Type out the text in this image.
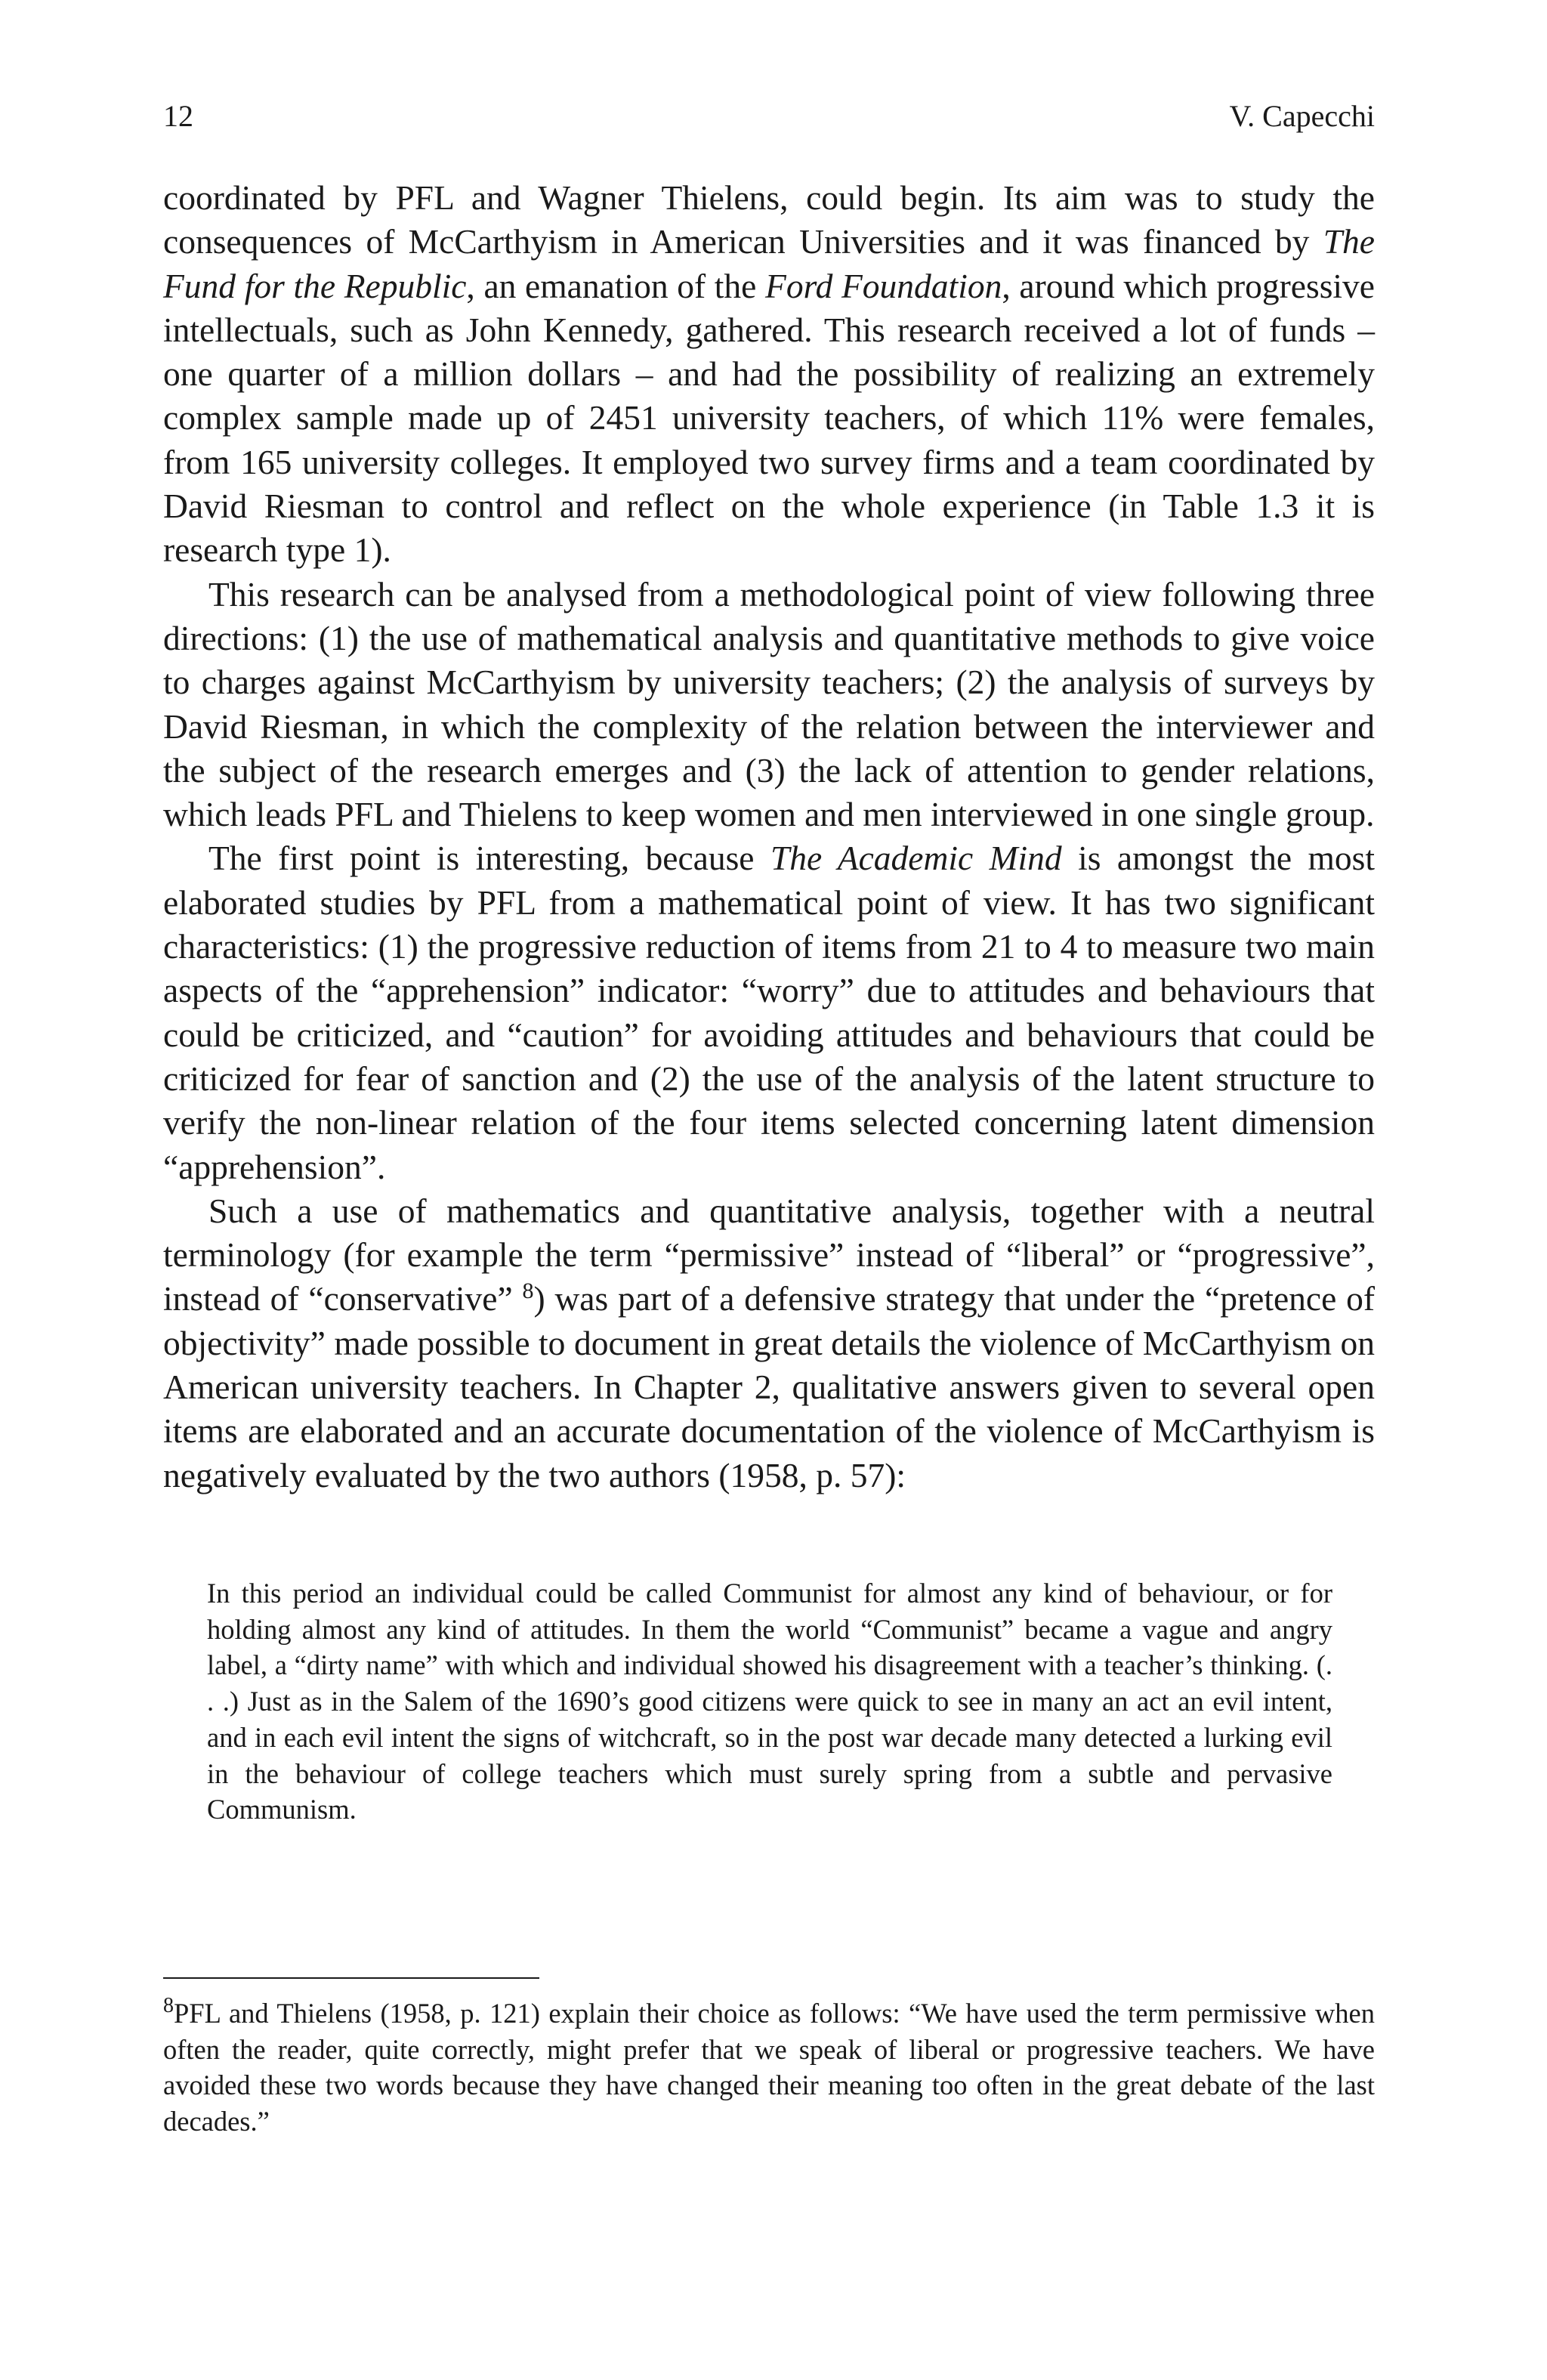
12	V. Capecchi

coordinated by PFL and Wagner Thielens, could begin. Its aim was to study the consequences of McCarthyism in American Universities and it was financed by The Fund for the Republic, an emanation of the Ford Foundation, around which progressive intellectuals, such as John Kennedy, gathered. This research received a lot of funds – one quarter of a million dollars – and had the possibility of realizing an extremely complex sample made up of 2451 university teachers, of which 11% were females, from 165 university colleges. It employed two survey firms and a team coordinated by David Riesman to control and reflect on the whole experience (in Table 1.3 it is research type 1).

This research can be analysed from a methodological point of view following three directions: (1) the use of mathematical analysis and quantitative methods to give voice to charges against McCarthyism by university teachers; (2) the analysis of surveys by David Riesman, in which the complexity of the relation between the interviewer and the subject of the research emerges and (3) the lack of attention to gender relations, which leads PFL and Thielens to keep women and men interviewed in one single group.

The first point is interesting, because The Academic Mind is amongst the most elaborated studies by PFL from a mathematical point of view. It has two significant characteristics: (1) the progressive reduction of items from 21 to 4 to measure two main aspects of the “apprehension” indicator: “worry” due to attitudes and behaviours that could be criticized, and “caution” for avoiding attitudes and behaviours that could be criticized for fear of sanction and (2) the use of the analysis of the latent structure to verify the non-linear relation of the four items selected concerning latent dimension “apprehension”.

Such a use of mathematics and quantitative analysis, together with a neutral terminology (for example the term “permissive” instead of “liberal” or “progressive”, instead of “conservative” $^8$) was part of a defensive strategy that under the “pretence of objectivity” made possible to document in great details the violence of McCarthyism on American university teachers. In Chapter 2, qualitative answers given to several open items are elaborated and an accurate documentation of the violence of McCarthyism is negatively evaluated by the two authors (1958, p. 57):

In this period an individual could be called Communist for almost any kind of behaviour, or for holding almost any kind of attitudes. In them the world “Communist” became a vague and angry label, a “dirty name” with which and individual showed his disagreement with a teacher’s thinking. (. . .) Just as in the Salem of the 1690’s good citizens were quick to see in many an act an evil intent, and in each evil intent the signs of witchcraft, so in the post war decade many detected a lurking evil in the behaviour of college teachers which must surely spring from a subtle and pervasive Communism.

$^8$PFL and Thielens (1958, p. 121) explain their choice as follows: “We have used the term permissive when often the reader, quite correctly, might prefer that we speak of liberal or progressive teachers. We have avoided these two words because they have changed their meaning too often in the great debate of the last decades.”
